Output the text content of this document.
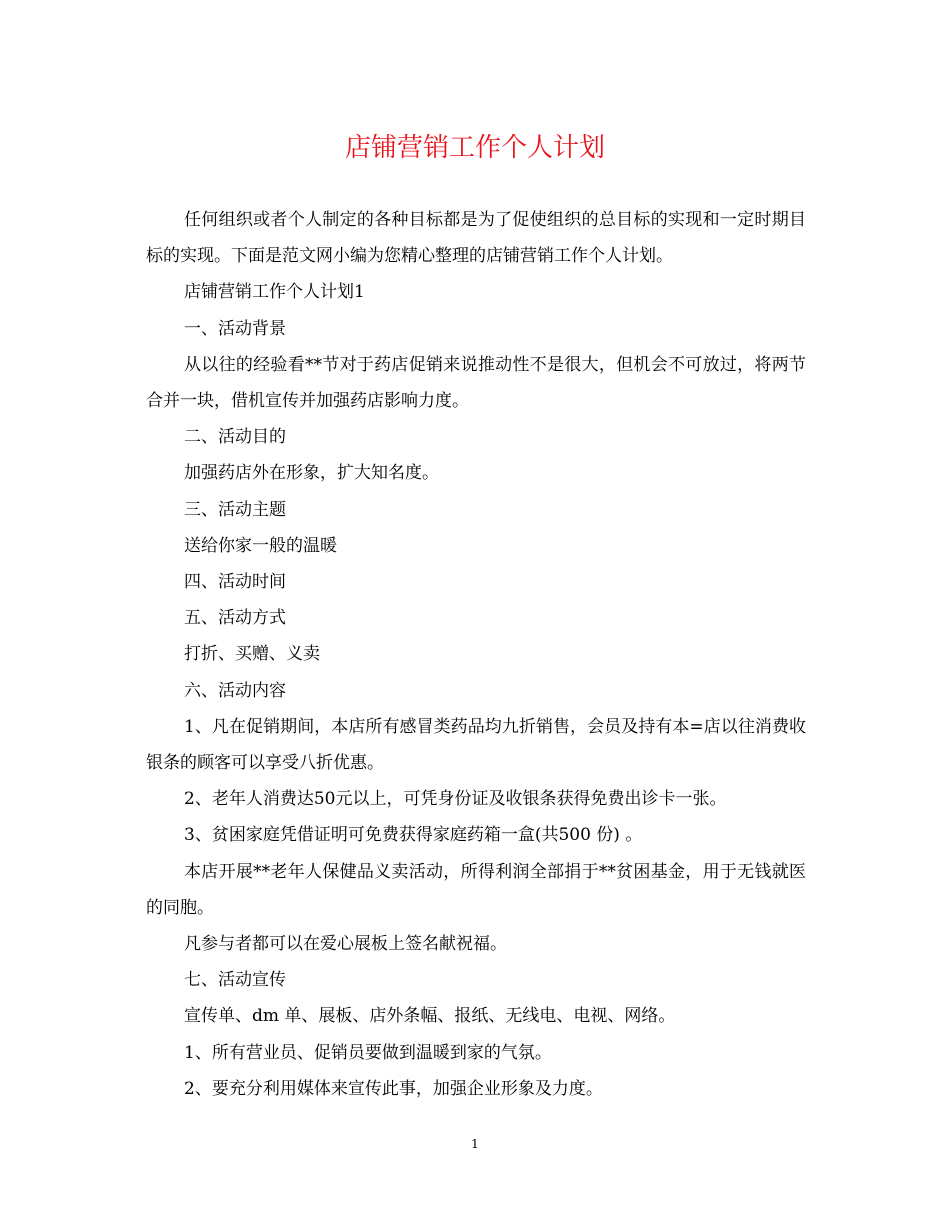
店铺营销工作个人计划

任何组织或者个人制定的各种目标都是为了促使组织的总目标的实现和一定时期目标的实现。下面是范文网小编为您精心整理的店铺营销工作个人计划。

店铺营销工作个人计划1

一、活动背景

从以往的经验看**节对于药店促销来说推动性不是很大，但机会不可放过，将两节合并一块，借机宣传并加强药店影响力度。

二、活动目的

加强药店外在形象，扩大知名度。

三、活动主题

送给你家一般的温暖

四、活动时间

五、活动方式

打折、买赠、义卖

六、活动内容

1、凡在促销期间，本店所有感冒类药品均九折销售，会员及持有本=店以往消费收银条的顾客可以享受八折优惠。

2、老年人消费达50元以上，可凭身份证及收银条获得免费出诊卡一张。

3、贫困家庭凭借证明可免费获得家庭药箱一盒(共500 份) 。

本店开展**老年人保健品义卖活动，所得利润全部捐于**贫困基金，用于无钱就医的同胞。

凡参与者都可以在爱心展板上签名献祝福。

七、活动宣传

宣传单、dm 单、展板、店外条幅、报纸、无线电、电视、网络。

1、所有营业员、促销员要做到温暖到家的气氛。

2、要充分利用媒体来宣传此事，加强企业形象及力度。

1
